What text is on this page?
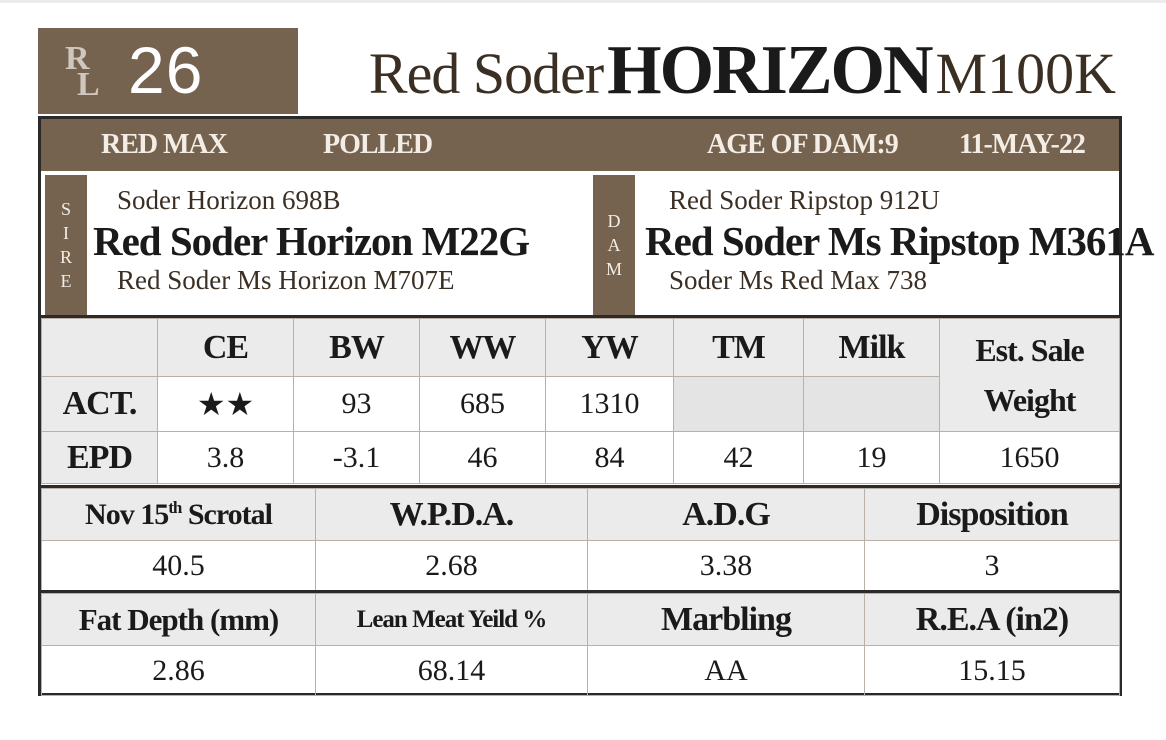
R
L 26	Red Soder HORIZON M100K
RED MAX	POLLED	AGE OF DAM:9 11-MAY-22
S
I
R
E
Soder Horizon 698B
Red Soder Horizon M22G
Red Soder Ms Horizon M707E
D
A
M
Red Soder Ripstop 912U
Red Soder Ms Ripstop M361A
Soder Ms Red Max 738
	CE	BW	WW	YW	TM	Milk	Est. Sale Weight
ACT.	★★	93	685	1310			
EPD	3.8	-3.1	46	84	42	19	1650
Nov 15th Scrotal	W.P.D.A.	A.D.G	Disposition
40.5	2.68	3.38	3
Fat Depth (mm)	Lean Meat Yeild %	Marbling	R.E.A (in2)
2.86	68.14	AA	15.15
